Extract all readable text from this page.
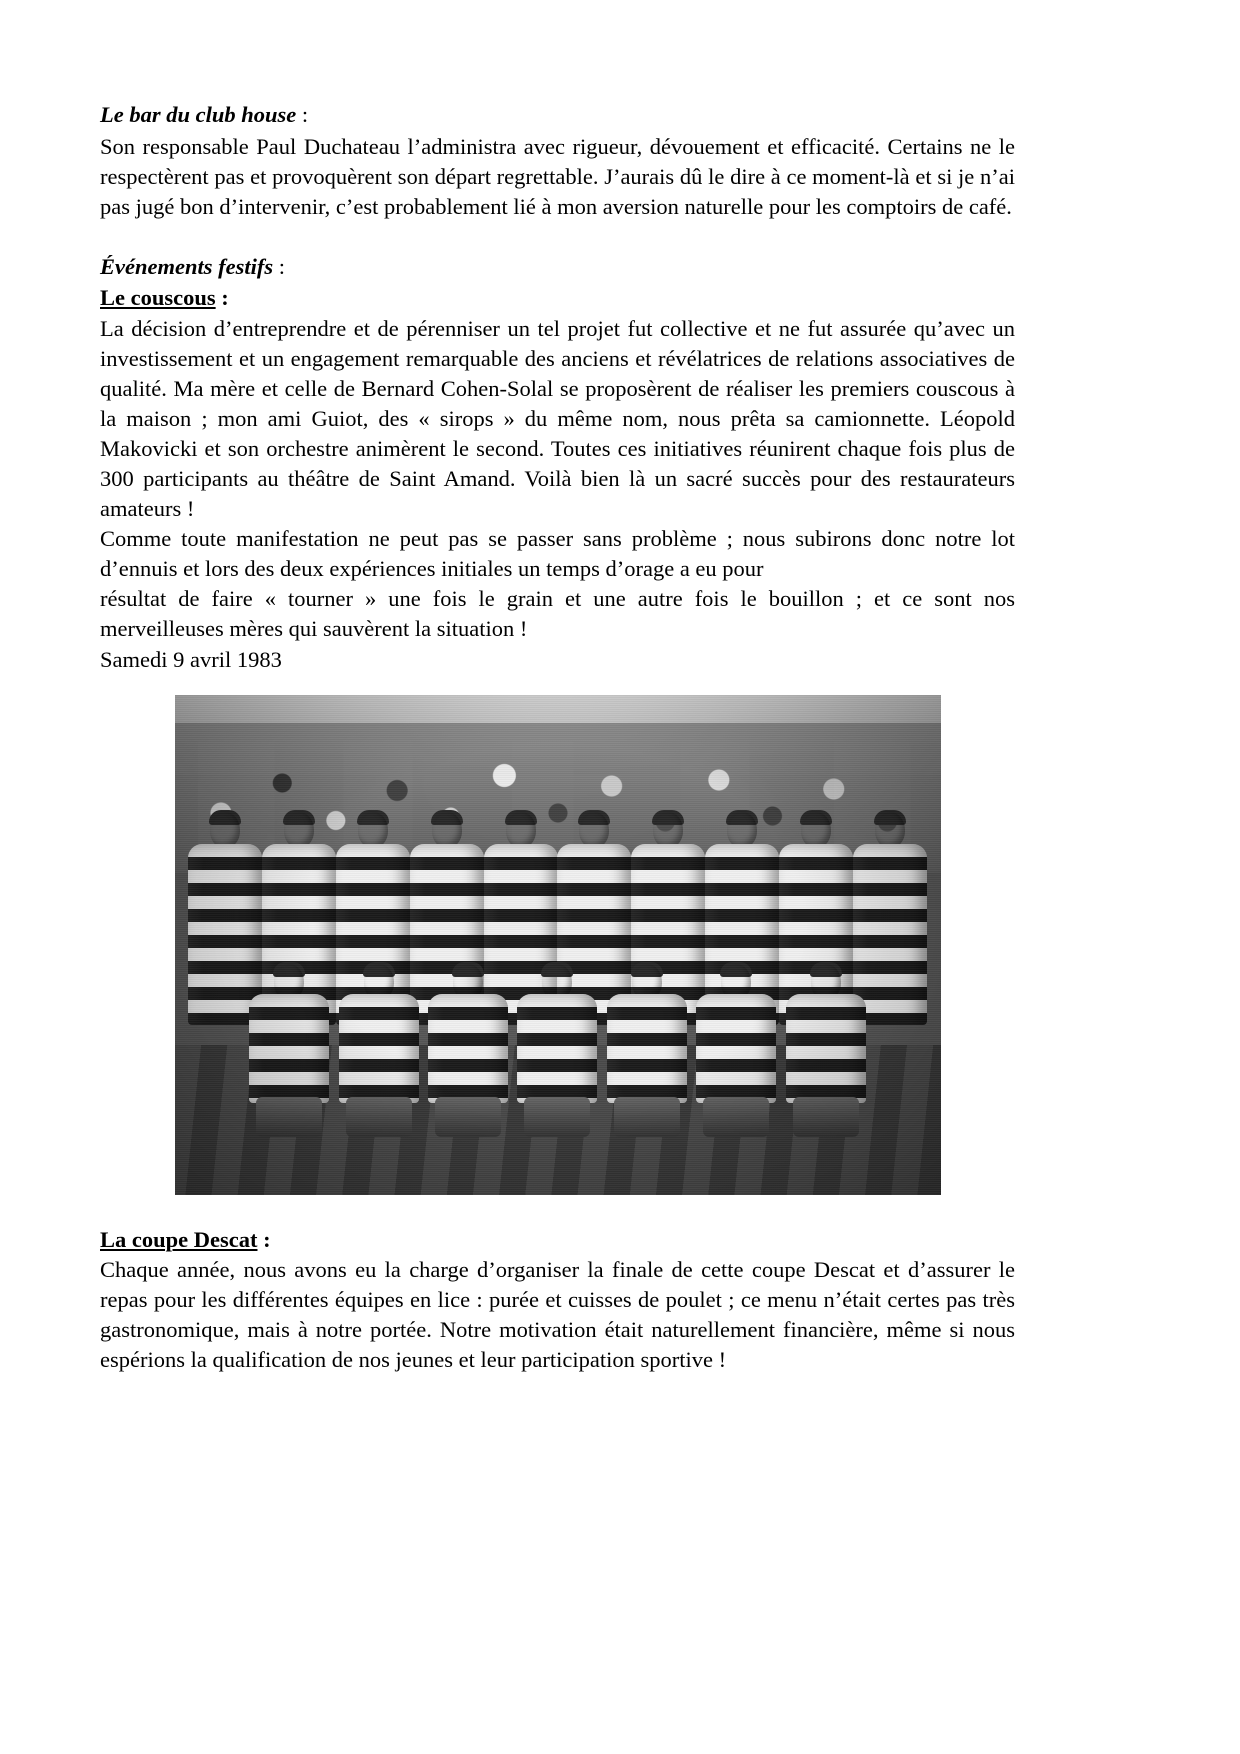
Le bar du club house :

Son responsable Paul Duchateau l’administra avec rigueur, dévouement et efficacité. Certains ne le respectèrent pas et provoquèrent son départ regrettable. J’aurais dû le dire à ce moment-là et si je n’ai pas jugé bon d’intervenir, c’est probablement lié à mon aversion naturelle pour les comptoirs de café.

Événements festifs :
Le couscous :

La décision d’entreprendre et de pérenniser un tel projet fut collective et ne fut assurée qu’avec un investissement et un engagement remarquable des anciens et révélatrices de relations associatives de qualité. Ma mère et celle de Bernard Cohen-Solal se proposèrent de réaliser les premiers couscous à la maison ; mon ami Guiot, des « sirops » du même nom, nous prêta sa camionnette. Léopold Makovicki et son orchestre animèrent le second. Toutes ces initiatives réunirent chaque fois plus de 300 participants au théâtre de Saint Amand. Voilà bien là un sacré succès pour des restaurateurs amateurs !

Comme toute manifestation ne peut pas se passer sans problème ; nous subirons donc notre lot d’ennuis et lors des deux expériences initiales un temps d’orage a eu pour

résultat de faire « tourner » une fois le grain et une autre fois le bouillon ; et ce sont nos merveilleuses mères qui sauvèrent la situation !

Samedi 9 avril 1983

La coupe Descat :

Chaque année, nous avons eu la charge d’organiser la finale de cette coupe Descat et d’assurer le repas pour les différentes équipes en lice : purée et cuisses de poulet ; ce menu n’était certes pas très gastronomique, mais à notre portée. Notre motivation était naturellement financière, même si nous espérions la qualification de nos jeunes et leur participation sportive !
